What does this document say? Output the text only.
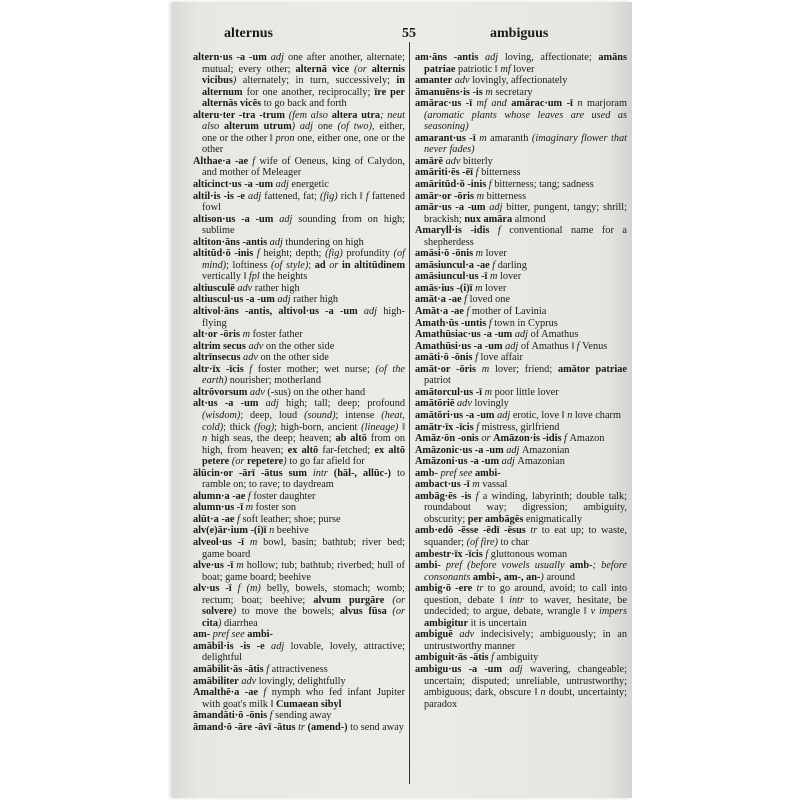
alternus	55	ambiguus

altern·us -a -um adj one after another, alternate; mutual; every other; alternā vice (or alternis vicibus) alternately; in turn, successively; in alternum for one another, reciprocally; īre per alternās vicēs to go back and forth

alteru·ter -tra -trum (fem also altera utra; neut also alterum utrum) adj one (of two), either, one or the other ǁ pron one, either one, one or the other

Althae·a -ae f wife of Oeneus, king of Calydon, and mother of Meleager

alticinct·us -a -um adj energetic

altil·is -is -e adj fattened, fat; (fig) rich ǁ f fattened fowl

altison·us -a -um adj sounding from on high; sublime

altiton·āns -antis adj thundering on high

altitūd·ō -inis f height; depth; (fig) profundity (of mind); loftiness (of style); ad or in altitūdinem vertically ǁ fpl the heights

altiusculē adv rather high

altiuscul·us -a -um adj rather high

altivol·āns -antis, altivol·us -a -um adj high-flying

alt·or -ōris m foster father

altrim secus adv on the other side

altrīnsecus adv on the other side

altr·īx -īcis f foster mother; wet nurse; (of the earth) nourisher; motherland

altrōvorsum adv (-sus) on the other hand

alt·us -a -um adj high; tall; deep; profound (wisdom); deep, loud (sound); intense (heat, cold); thick (fog); high-born, ancient (lineage) ǁ n high seas, the deep; heaven; ab altō from on high, from heaven; ex altō far-fetched; ex altō petere (or repetere) to go far afield for

ālūcin·or -ārī -ātus sum intr (hāl-, allūc-) to ramble on; to rave; to daydream

alumn·a -ae f foster daughter

alumn·us -ī m foster son

alūt·a -ae f soft leather; shoe; purse

alv(e)ār·ium -(i)ī n beehive

alveol·us -ī m bowl, basin; bathtub; river bed; game board

alve·us -ī m hollow; tub; bathtub; riverbed; hull of boat; game board; beehive

alv·us -ī f (m) belly, bowels, stomach; womb; rectum; boat; beehive; alvum purgāre (or solvere) to move the bowels; alvus fūsa (or cita) diarrhea

am- pref see ambi-

amābil·is -is -e adj lovable, lovely, attractive; delightful

amābilit·ās -ātis f attractiveness

amābiliter adv lovingly, delightfully

Amalthē·a -ae f nymph who fed infant Jupiter with goat's milk ǁ Cumaean sibyl

āmandāti·ō -ōnis f sending away

āmand·ō -āre -āvī -ātus tr (amend-) to send away

am·āns -antis adj loving, affectionate; amāns patriae patriotic ǁ mf lover

amanter adv lovingly, affectionately

āmanuēns·is -is m secretary

amārac·us -ī mf and amārac·um -ī n marjoram (aromatic plants whose leaves are used as seasoning)

amarant·us -ī m amaranth (imaginary flower that never fades)

amārē adv bitterly

amāriti·ēs -ēī f bitterness

amāritūd·ō -inis f bitterness; tang; sadness

amār·or -ōris m bitterness

amār·us -a -um adj bitter, pungent, tangy; shrill; brackish; nux amāra almond

Amaryll·is -idis f conventional name for a shepherdess

amāsi·ō -ōnis m lover

amāsiuncul·a -ae f darling

amāsiuncul·us -ī m lover

amās·ius -(i)ī m lover

amāt·a -ae f loved one

Amāt·a -ae f mother of Lavinia

Amath·ūs -untis f town in Cyprus

Amathūsiac·us -a -um adj of Amathus

Amathūsi·us -a -um adj of Amathus ǁ f Venus

amāti·ō -ōnis f love affair

amāt·or -ōris m lover; friend; amātor patriae patriot

amātorcul·us -ī m poor little lover

amātōriē adv lovingly

amātōri·us -a -um adj erotic, love ǁ n love charm

amātr·īx -īcis f mistress, girlfriend

Amāz·ōn -onis or Amāzon·is -idis f Amazon

Amāzonic·us -a -um adj Amazonian

Amāzoni·us -a -um adj Amazonian

amb- pref see ambi-

ambact·us -ī m vassal

ambāg·ēs -is f a winding, labyrinth; double talk; roundabout way; digression; ambiguity, obscurity; per ambāgēs enigmatically

amb·edō -ēsse -ēdī -ēsus tr to eat up; to waste, squander; (of fire) to char

ambestr·īx -īcis f gluttonous woman

ambi- pref (before vowels usually amb-; before consonants ambi-, am-, an-) around

ambig·ō -ere tr to go around, avoid; to call into question, debate ǁ intr to waver, hesitate, be undecided; to argue, debate, wrangle ǁ v impers ambigitur it is uncertain

ambiguē adv indecisively; ambiguously; in an untrustworthy manner

ambiguit·ās -ātis f ambiguity

ambigu·us -a -um adj wavering, changeable; uncertain; disputed; unreliable, untrustworthy; ambiguous; dark, obscure ǁ n doubt, uncertainty; paradox
